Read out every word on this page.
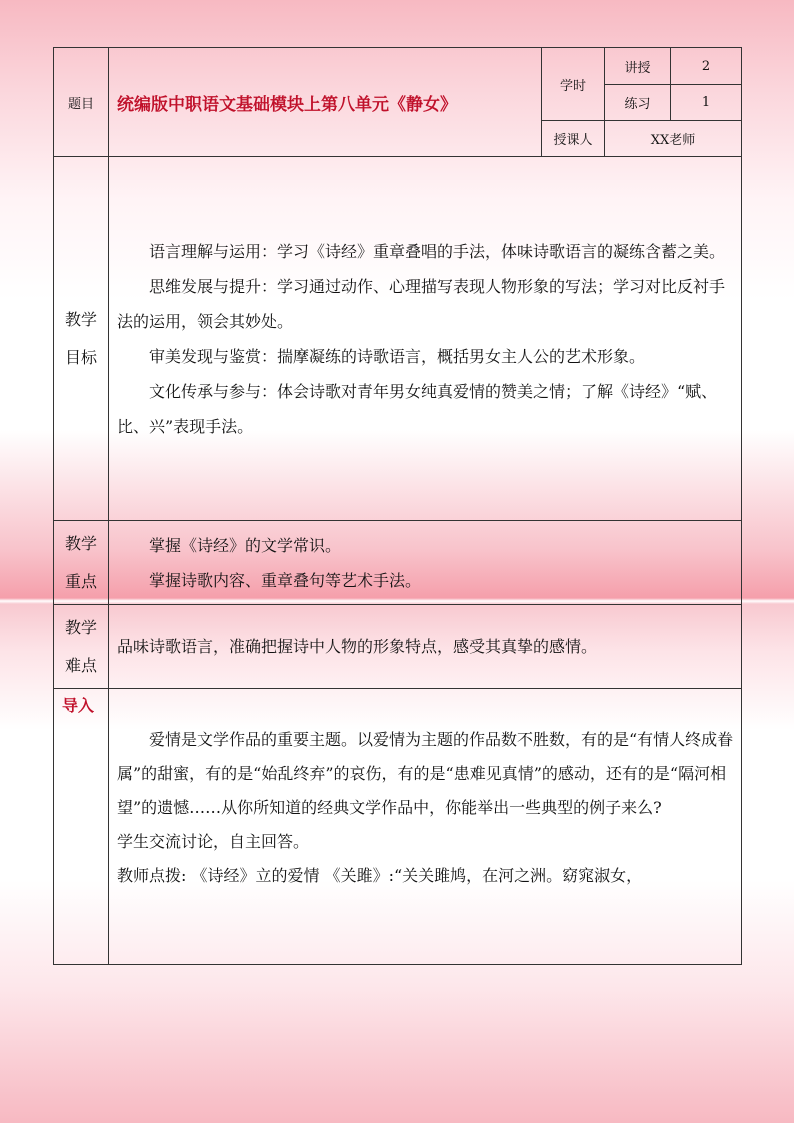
题目	统编版中职语文基础模块上第八单元《静女》	学时	讲授	2
			练习	1
		授课人	XX老师	

教学目标	语言理解与运用：学习《诗经》重章叠唱的手法，体味诗歌语言的凝练含蓄之美。

思维发展与提升：学习通过动作、心理描写表现人物形象的写法；学习对比反衬手法的运用，领会其妙处。

审美发现与鉴赏：揣摩凝练的诗歌语言，概括男女主人公的艺术形象。

文化传承与参与：体会诗歌对青年男女纯真爱情的赞美之情；了解《诗经》“赋、比、兴”表现手法。			

教学重点	掌握《诗经》的文学常识。

掌握诗歌内容、重章叠句等艺术手法。			

教学难点	品味诗歌语言，准确把握诗中人物的形象特点，感受其真挚的感情。			

导入	爱情是文学作品的重要主题。以爱情为主题的作品数不胜数，有的是“有情人终成眷属”的甜蜜，有的是“始乱终弃”的哀伤，有的是“患难见真情”的感动，还有的是“隔河相望”的遗憾……从你所知道的经典文学作品中，你能举出一些典型的例子来么?

学生交流讨论，自主回答。

教师点拨: 《诗经》立的爱情 《关雎》:“关关雎鸠，在河之洲。窈窕淑女，			
